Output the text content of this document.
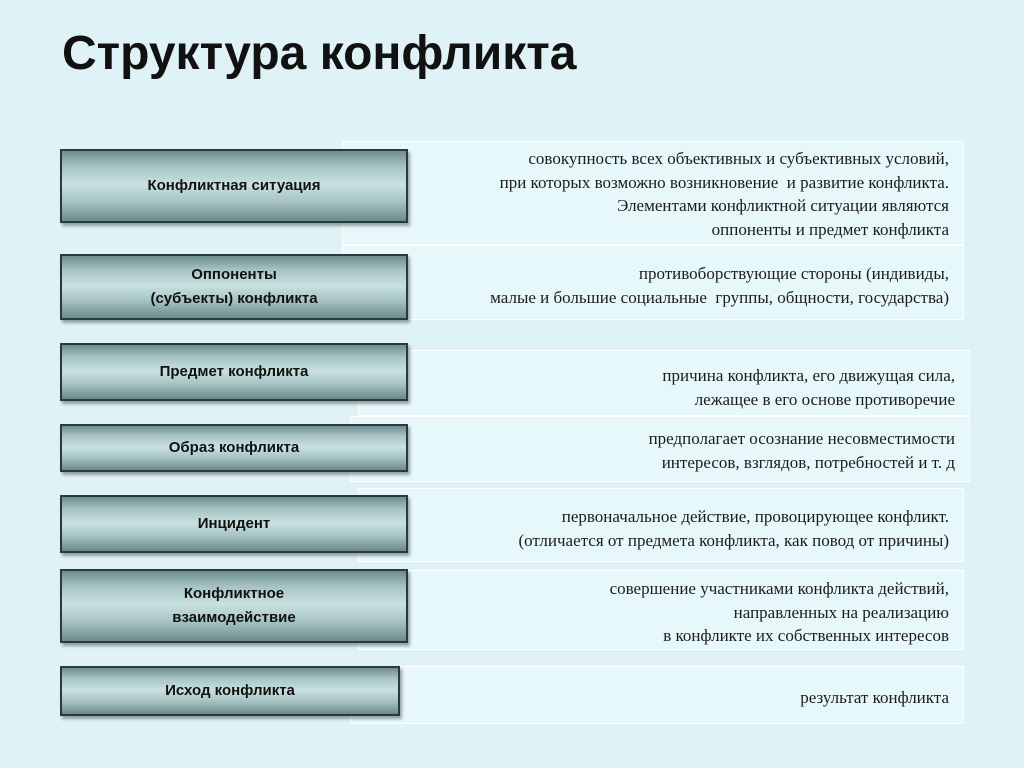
Структура конфликта
совокупность всех объективных и субъективных условий,
при которых возможно возникновение  и развитие конфликта.
Элементами конфликтной ситуации являются
оппоненты и предмет конфликта
Конфликтная ситуация
противоборствующие стороны (индивиды,
малые и большие социальные  группы, общности, государства)
Оппоненты
(субъекты) конфликта
причина конфликта, его движущая сила,
лежащее в его основе противоречие
Предмет конфликта
предполагает осознание несовместимости
интересов, взглядов, потребностей и т. д
Образ конфликта
первоначальное действие, провоцирующее конфликт.
(отличается от предмета конфликта, как повод от причины)
Инцидент
совершение участниками конфликта действий,
направленных на реализацию
в конфликте их собственных интересов
Конфликтное
взаимодействие
результат конфликта
Исход конфликта
